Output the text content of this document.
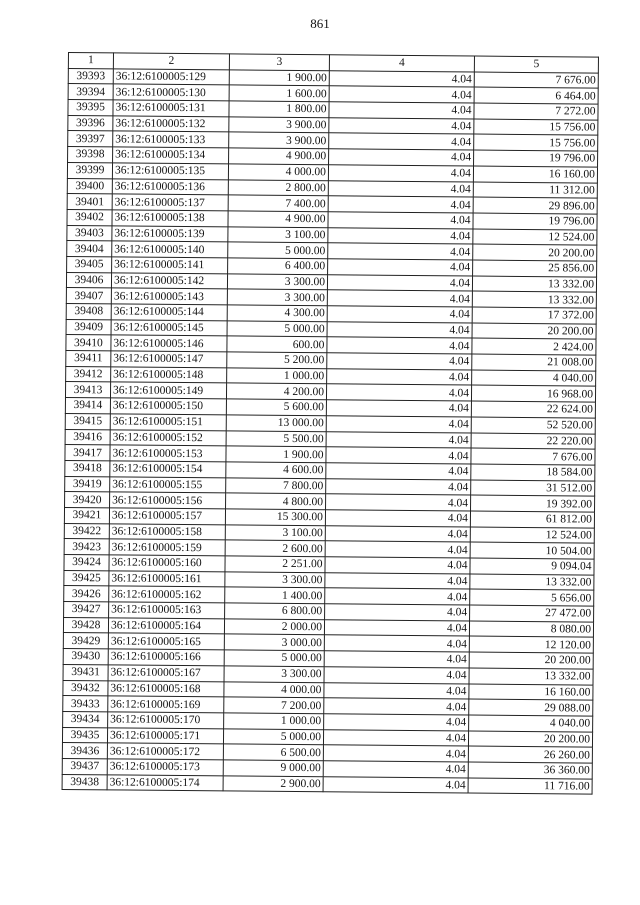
861
1	2	3	4	5
39393	36:12:6100005:129	1 900.00	4.04	7 676.00
39394	36:12:6100005:130	1 600.00	4.04	6 464.00
39395	36:12:6100005:131	1 800.00	4.04	7 272.00
39396	36:12:6100005:132	3 900.00	4.04	15 756.00
39397	36:12:6100005:133	3 900.00	4.04	15 756.00
39398	36:12:6100005:134	4 900.00	4.04	19 796.00
39399	36:12:6100005:135	4 000.00	4.04	16 160.00
39400	36:12:6100005:136	2 800.00	4.04	11 312.00
39401	36:12:6100005:137	7 400.00	4.04	29 896.00
39402	36:12:6100005:138	4 900.00	4.04	19 796.00
39403	36:12:6100005:139	3 100.00	4.04	12 524.00
39404	36:12:6100005:140	5 000.00	4.04	20 200.00
39405	36:12:6100005:141	6 400.00	4.04	25 856.00
39406	36:12:6100005:142	3 300.00	4.04	13 332.00
39407	36:12:6100005:143	3 300.00	4.04	13 332.00
39408	36:12:6100005:144	4 300.00	4.04	17 372.00
39409	36:12:6100005:145	5 000.00	4.04	20 200.00
39410	36:12:6100005:146	600.00	4.04	2 424.00
39411	36:12:6100005:147	5 200.00	4.04	21 008.00
39412	36:12:6100005:148	1 000.00	4.04	4 040.00
39413	36:12:6100005:149	4 200.00	4.04	16 968.00
39414	36:12:6100005:150	5 600.00	4.04	22 624.00
39415	36:12:6100005:151	13 000.00	4.04	52 520.00
39416	36:12:6100005:152	5 500.00	4.04	22 220.00
39417	36:12:6100005:153	1 900.00	4.04	7 676.00
39418	36:12:6100005:154	4 600.00	4.04	18 584.00
39419	36:12:6100005:155	7 800.00	4.04	31 512.00
39420	36:12:6100005:156	4 800.00	4.04	19 392.00
39421	36:12:6100005:157	15 300.00	4.04	61 812.00
39422	36:12:6100005:158	3 100.00	4.04	12 524.00
39423	36:12:6100005:159	2 600.00	4.04	10 504.00
39424	36:12:6100005:160	2 251.00	4.04	9 094.04
39425	36:12:6100005:161	3 300.00	4.04	13 332.00
39426	36:12:6100005:162	1 400.00	4.04	5 656.00
39427	36:12:6100005:163	6 800.00	4.04	27 472.00
39428	36:12:6100005:164	2 000.00	4.04	8 080.00
39429	36:12:6100005:165	3 000.00	4.04	12 120.00
39430	36:12:6100005:166	5 000.00	4.04	20 200.00
39431	36:12:6100005:167	3 300.00	4.04	13 332.00
39432	36:12:6100005:168	4 000.00	4.04	16 160.00
39433	36:12:6100005:169	7 200.00	4.04	29 088.00
39434	36:12:6100005:170	1 000.00	4.04	4 040.00
39435	36:12:6100005:171	5 000.00	4.04	20 200.00
39436	36:12:6100005:172	6 500.00	4.04	26 260.00
39437	36:12:6100005:173	9 000.00	4.04	36 360.00
39438	36:12:6100005:174	2 900.00	4.04	11 716.00
